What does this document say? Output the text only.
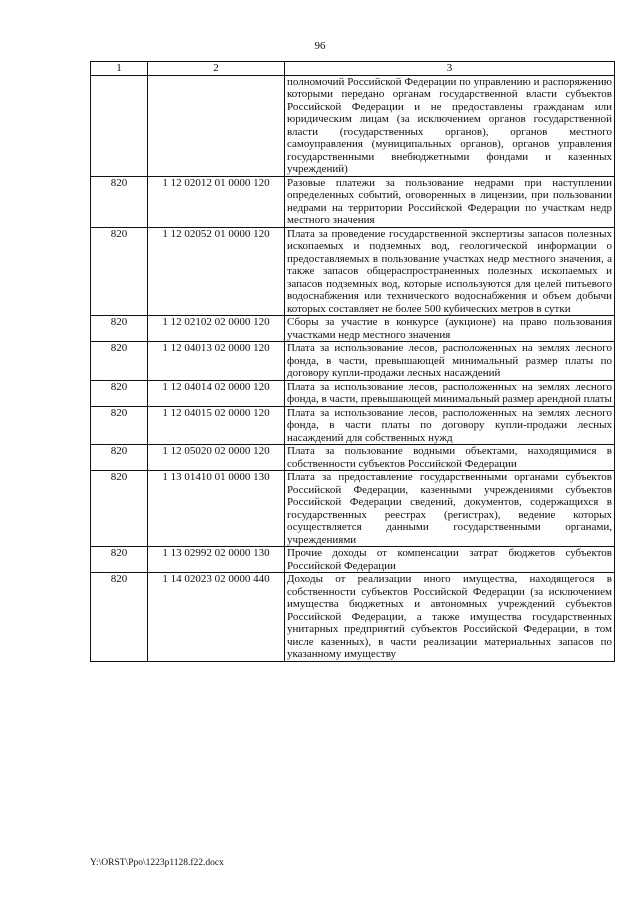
96
1	2	3
		полномочий Российской Федерации по управлению и распоряжению которыми передано органам государственной власти субъектов Российской Федерации и не предоставлены гражданам или юридическим лицам (за исключением органов государственной власти (государственных органов), органов местного самоуправления (муниципальных органов), органов управления государственными внебюджетными фондами и казенных учреждений)
820	1 12 02012 01 0000 120	Разовые платежи за пользование недрами при наступлении определенных событий, оговоренных в лицензии, при пользовании недрами на территории Российской Федерации по участкам недр местного значения
820	1 12 02052 01 0000 120	Плата за проведение государственной экспертизы запасов полезных ископаемых и подземных вод, геологической информации о предоставляемых в пользование участках недр местного значения, а также запасов общераспространенных полезных ископаемых и запасов подземных вод, которые используются для целей питьевого водоснабжения или технического водоснабжения и объем добычи которых составляет не более 500 кубических метров в сутки
820	1 12 02102 02 0000 120	Сборы за участие в конкурсе (аукционе) на право пользования участками недр местного значения
820	1 12 04013 02 0000 120	Плата за использование лесов, расположенных на землях лесного фонда, в части, превышающей минимальный размер платы по договору купли-продажи лесных насаждений
820	1 12 04014 02 0000 120	Плата за использование лесов, расположенных на землях лесного фонда, в части, превышающей минимальный размер арендной платы
820	1 12 04015 02 0000 120	Плата за использование лесов, расположенных на землях лесного фонда, в части платы по договору купли-продажи лесных насаждений для собственных нужд
820	1 12 05020 02 0000 120	Плата за пользование водными объектами, находящимися в собственности субъектов Российской Федерации
820	1 13 01410 01 0000 130	Плата за предоставление государственными органами субъектов Российской Федерации, казенными учреждениями субъектов Российской Федерации сведений, документов, содержащихся в государственных реестрах (регистрах), ведение которых осуществляется данными государственными органами, учреждениями
820	1 13 02992 02 0000 130	Прочие доходы от компенсации затрат бюджетов субъектов Российской Федерации
820	1 14 02023 02 0000 440	Доходы от реализации иного имущества, находящегося в собственности субъектов Российской Федерации (за исключением имущества бюджетных и автономных учреждений субъектов Российской Федерации, а также имущества государственных унитарных предприятий субъектов Российской Федерации, в том числе казенных), в части реализации материальных запасов по указанному имуществу
Y:\ORST\Ppo\1223p1128.f22.docx
